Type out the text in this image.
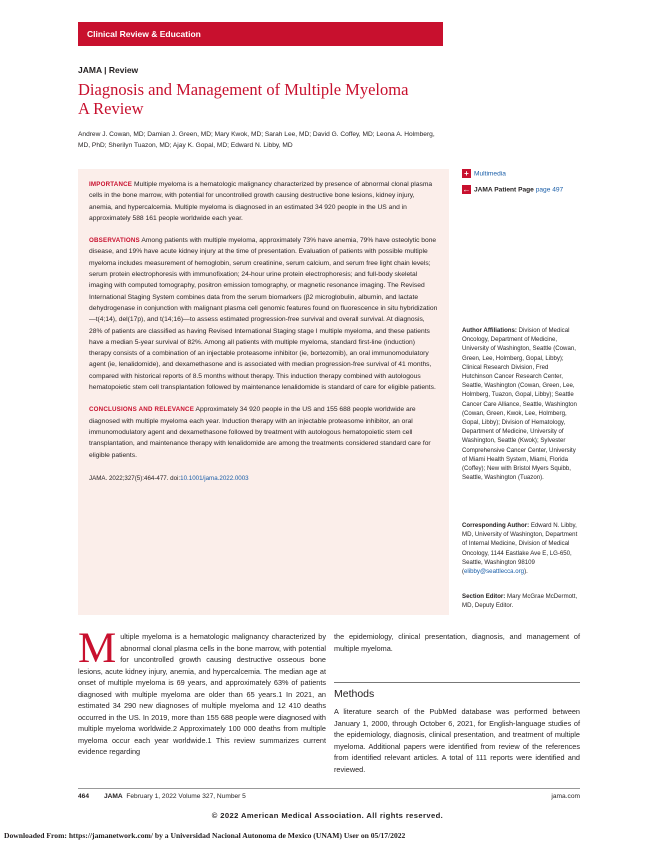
Clinical Review & Education
JAMA | Review
Diagnosis and Management of Multiple Myeloma
A Review
Andrew J. Cowan, MD; Damian J. Green, MD; Mary Kwok, MD; Sarah Lee, MD; David G. Coffey, MD; Leona A. Holmberg, MD, PhD; Sherilyn Tuazon, MD; Ajay K. Gopal, MD; Edward N. Libby, MD

IMPORTANCE Multiple myeloma is a hematologic malignancy characterized by presence of abnormal clonal plasma cells in the bone marrow, with potential for uncontrolled growth causing destructive bone lesions, kidney injury, anemia, and hypercalcemia. Multiple myeloma is diagnosed in an estimated 34 920 people in the US and in approximately 588 161 people worldwide each year.

OBSERVATIONS Among patients with multiple myeloma, approximately 73% have anemia, 79% have osteolytic bone disease, and 19% have acute kidney injury at the time of presentation. Evaluation of patients with possible multiple myeloma includes measurement of hemoglobin, serum creatinine, serum calcium, and serum free light chain levels; serum protein electrophoresis with immunofixation; 24-hour urine protein electrophoresis; and full-body skeletal imaging with computed tomography, positron emission tomography, or magnetic resonance imaging. The Revised International Staging System combines data from the serum biomarkers (β2 microglobulin, albumin, and lactate dehydrogenase in conjunction with malignant plasma cell genomic features found on fluorescence in situ hybridization—t(4;14), del(17p), and t(14;16)—to assess estimated progression-free survival and overall survival. At diagnosis, 28% of patients are classified as having Revised International Staging stage I multiple myeloma, and these patients have a median 5-year survival of 82%. Among all patients with multiple myeloma, standard first-line (induction) therapy consists of a combination of an injectable proteasome inhibitor (ie, bortezomib), an oral immunomodulatory agent (ie, lenalidomide), and dexamethasone and is associated with median progression-free survival of 41 months, compared with historical reports of 8.5 months without therapy. This induction therapy combined with autologous hematopoietic stem cell transplantation followed by maintenance lenalidomide is standard of care for eligible patients.

CONCLUSIONS AND RELEVANCE Approximately 34 920 people in the US and 155 688 people worldwide are diagnosed with multiple myeloma each year. Induction therapy with an injectable proteasome inhibitor, an oral immunomodulatory agent and dexamethasone followed by treatment with autologous hematopoietic stem cell transplantation, and maintenance therapy with lenalidomide are among the treatments considered standard care for eligible patients.

JAMA. 2022;327(5):464-477. doi:10.1001/jama.2022.0003
+ Multimedia
← JAMA Patient Page page 497
Author Affiliations: Division of Medical Oncology, Department of Medicine, University of Washington, Seattle (Cowan, Green, Lee, Holmberg, Gopal, Libby); Clinical Research Division, Fred Hutchinson Cancer Research Center, Seattle, Washington (Cowan, Green, Lee, Holmberg, Tuazon, Gopal, Libby); Seattle Cancer Care Alliance, Seattle, Washington (Cowan, Green, Kwok, Lee, Holmberg, Gopal, Libby); Division of Hematology, Department of Medicine, University of Washington, Seattle (Kwok); Sylvester Comprehensive Cancer Center, University of Miami Health System, Miami, Florida (Coffey); New with Bristol Myers Squibb, Seattle, Washington (Tuazon).
Corresponding Author: Edward N. Libby, MD, University of Washington, Department of Internal Medicine, Division of Medical Oncology, 1144 Eastlake Ave E, LG-650, Seattle, Washington 98109 (elibby@seattlecca.org).
Section Editor: Mary McGrae McDermott, MD, Deputy Editor.
Multiple myeloma is a hematologic malignancy characterized by abnormal clonal plasma cells in the bone marrow, with potential for uncontrolled growth causing destructive osseous bone lesions, acute kidney injury, anemia, and hypercalcemia. The median age at onset of multiple myeloma is 69 years, and approximately 63% of patients diagnosed with multiple myeloma are older than 65 years.1 In 2021, an estimated 34 290 new diagnoses of multiple myeloma and 12 410 deaths occurred in the US. In 2019, more than 155 688 people were diagnosed with multiple myeloma worldwide.2 Approximately 100 000 deaths from multiple myeloma occur each year worldwide.1 This review summarizes current evidence regarding
the epidemiology, clinical presentation, diagnosis, and management of multiple myeloma.
Methods
A literature search of the PubMed database was performed between January 1, 2000, through October 6, 2021, for English-language studies of the epidemiology, diagnosis, clinical presentation, and treatment of multiple myeloma. Additional papers were identified from review of the references from identified relevant articles. A total of 111 reports were identified and reviewed.
464 JAMA February 1, 2022 Volume 327, Number 5	jama.com
© 2022 American Medical Association. All rights reserved.
Downloaded From: https://jamanetwork.com/ by a Universidad Nacional Autonoma de Mexico (UNAM) User on 05/17/2022
